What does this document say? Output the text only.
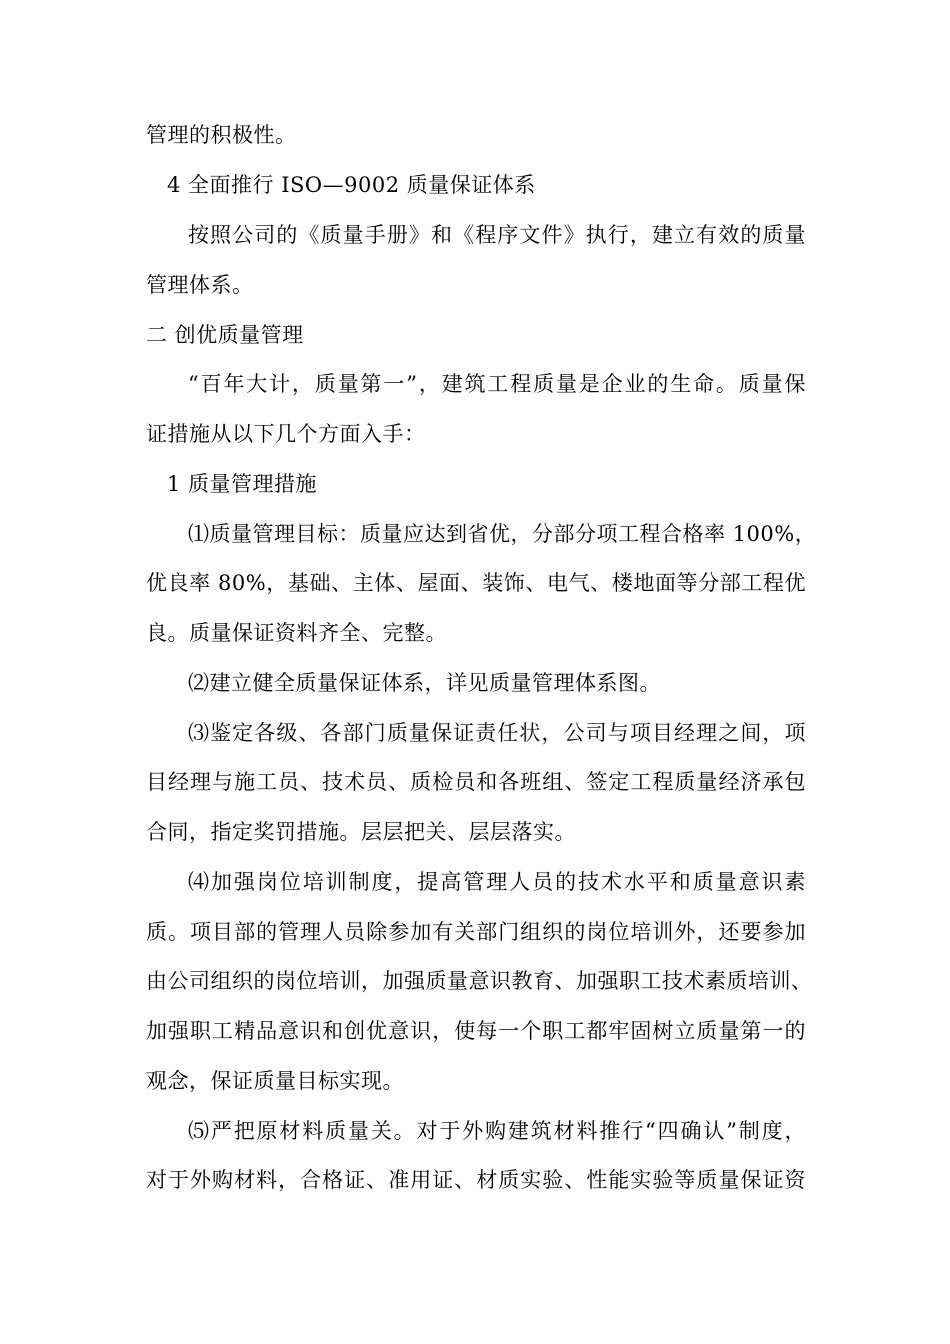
管理的积极性。
4 全面推行 ISO—9002 质量保证体系
按照公司的《质量手册》和《程序文件》执行，建立有效的质量
管理体系。
二 创优质量管理
“百年大计，质量第一”，建筑工程质量是企业的生命。质量保
证措施从以下几个方面入手：
1 质量管理措施
⑴质量管理目标：质量应达到省优，分部分项工程合格率 100%，
优良率 80%，基础、主体、屋面、装饰、电气、楼地面等分部工程优
良。质量保证资料齐全、完整。
⑵建立健全质量保证体系，详见质量管理体系图。
⑶鉴定各级、各部门质量保证责任状，公司与项目经理之间，项
目经理与施工员、技术员、质检员和各班组、签定工程质量经济承包
合同，指定奖罚措施。层层把关、层层落实。
⑷加强岗位培训制度，提高管理人员的技术水平和质量意识素
质。项目部的管理人员除参加有关部门组织的岗位培训外，还要参加
由公司组织的岗位培训，加强质量意识教育、加强职工技术素质培训、
加强职工精品意识和创优意识，使每一个职工都牢固树立质量第一的
观念，保证质量目标实现。
⑸严把原材料质量关。对于外购建筑材料推行“四确认”制度，
对于外购材料，合格证、准用证、材质实验、性能实验等质量保证资
